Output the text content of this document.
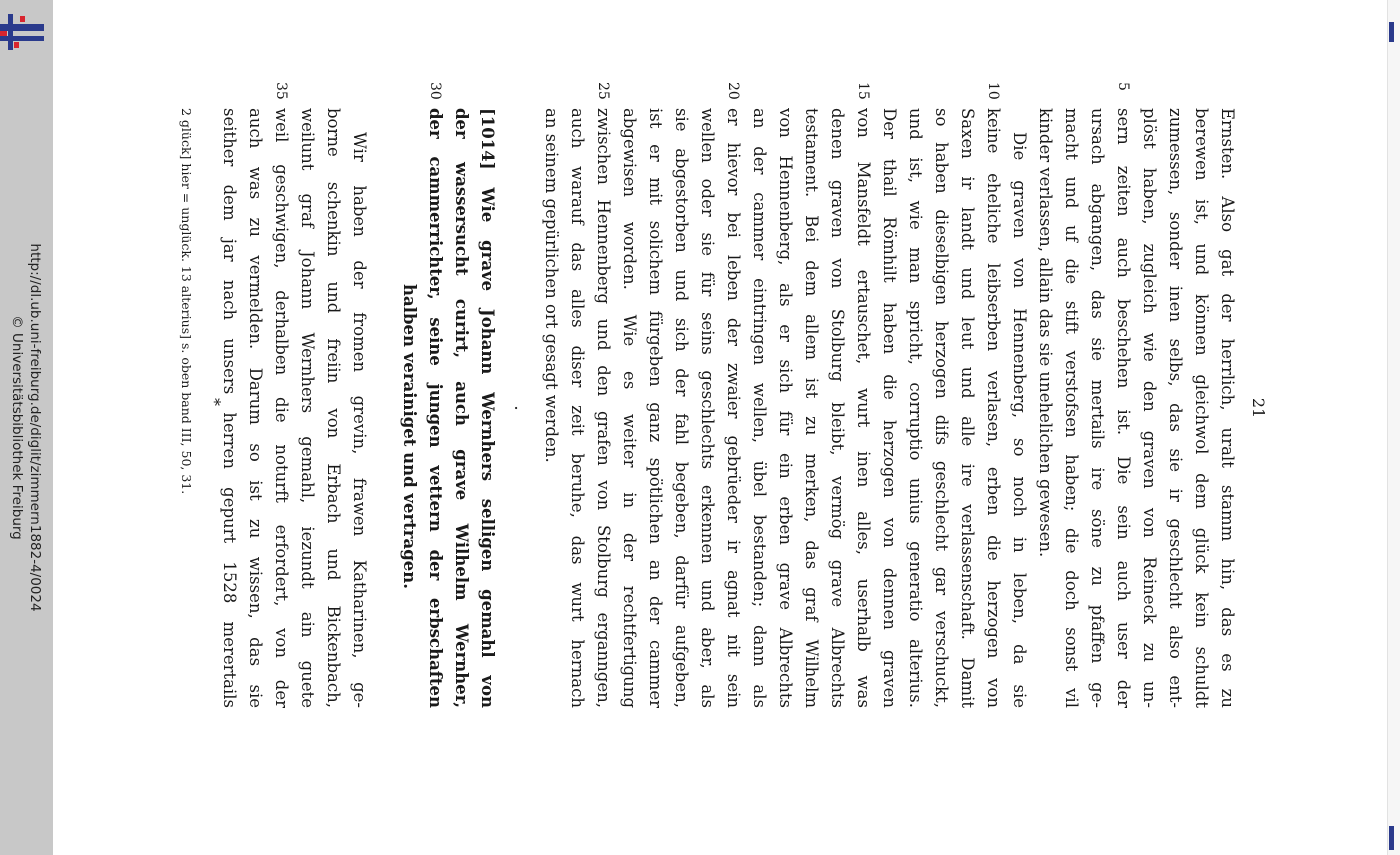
http://dl.ub.uni-freiburg.de/diglit/zimmern1882-4/0024
© Universitätsbibliothek Freiburg	21
Ernsten. Also gat der herrlich, uralt stamm hin, das es zu
berewen ist, und können gleichwol dem glück kein schuldt
zumessen, sonder inen selbs, das sie ir geschlecht also ent-
plöst haben, zugleich wie den graven von Reineck zu un-
sern zeiten auch beschehen ist. Die sein auch user der
5
ursach abgangen, das sie mertails ire söne zu pfaffen ge-
macht und uf die stift verstofsen haben; die doch sonst vil
kinder verlassen, allain das sie unehelichen gewesen.
Die graven von Hennenberg, so noch in leben, da sie
keine eheliche leibserben verlasen, erben die herzogen von
10
Saxen ir landt und leut und alle ire verlassenschaft. Damit
so haben dieselbigen herzogen difs geschlecht gar verschuckt,
und ist, wie man spricht, corruptio unius generatio alterius.
Der thail Römhilt haben die herzogen von dennen graven
von Mansfeldt ertauschet, wurt inen alles, userhalb was
15
denen graven von Stolburg bleibt, vermög grave Albrechts
testament. Bei dem allem ist zu merken, das graf Wilhelm
von Hennenberg, als er sich für ein erben grave Albrechts
an der cammer eintringen wellen, übel bestanden; dann als
er hievor bei leben der zwaier gebrüeder ir agnat nit sein
20
wellen oder sie für seins geschlechts erkennen und aber, als
sie abgestorben und sich der fahl begeben, darfür aufgeben,
ist er mit solichem fürgeben ganz spötlichen an der cammer
abgewisen worden. Wie es weiter in der rechtfertigung
zwischen Hennenberg und den grafen von Stolburg erganngen,
25
auch warauf das alles diser zeit beruhe, das wurt hernach
an seinem gepürlichen ort gesagt werden.
.
[1014] Wie grave Johann Wernhers selligen gemahl von
der wassersucht curirt, auch grave Wilhelm Wernher,
der cammerrichter, seine jungen vettern der erbschaften
30
halben verainiget und vertragen.
Wir haben der fromen grevin, frawen Katharinen, ge-
borne schenkin und freiin von Erbach und Bickenbach,
weilunt graf Johann Wernhers gemahl, iezundt ain guete
weil geschwigen, derhalben die noturft erfordert, von der
35
auch was zu vermelden. Darum so ist zu wissen, das sie
seither dem jar nach unsers herren gepurt 1528 merertails
*
2 glück] hier = unglück. 13 alterius] s. oben band III, 50, 31.
